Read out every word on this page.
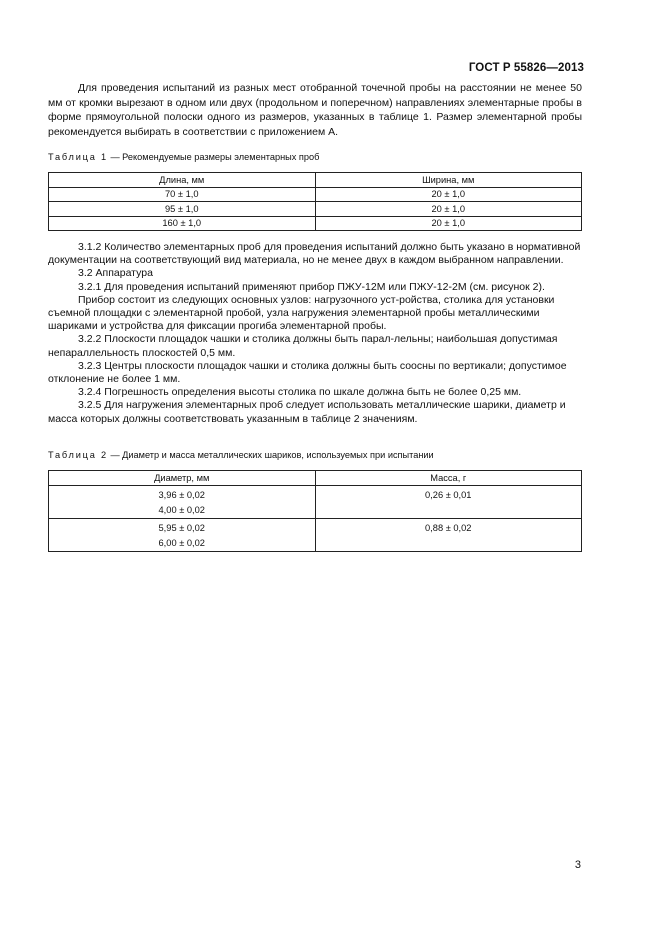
ГОСТ Р 55826—2013

Для проведения испытаний из разных мест отобранной точечной пробы на расстоянии не менее 50 мм от кромки вырезают в одном или двух (продольном и поперечном) направлениях элементарные пробы в форме прямоугольной полоски одного из размеров, указанных в таблице 1. Размер элементарной пробы рекомендуется выбирать в соответствии с приложением А.

Таблица 1 — Рекомендуемые размеры элементарных проб
Длина, мм	Ширина, мм
70 ± 1,0	20 ± 1,0
95 ± 1,0	20 ± 1,0
160 ± 1,0	20 ± 1,0

3.1.2 Количество элементарных проб для проведения испытаний должно быть указано в нормативной документации на соответствующий вид материала, но не менее двух в каждом выбранном направлении.

3.2 Аппаратура

3.2.1 Для проведения испытаний применяют прибор ПЖУ-12М или ПЖУ-12-2М (см. рисунок 2).

Прибор состоит из следующих основных узлов: нагрузочного уст-ройства, столика для установки съемной площадки с элементарной пробой, узла нагружения элементарной пробы металлическими шариками и устройства для фиксации прогиба элементарной пробы.

3.2.2 Плоскости площадок чашки и столика должны быть парал-лельны; наибольшая допустимая непараллельность плоскостей 0,5 мм.

3.2.3 Центры плоскости площадок чашки и столика должны быть соосны по вертикали; допустимое отклонение не более 1 мм.

3.2.4 Погрешность определения высоты столика по шкале должна быть не более 0,25 мм.

3.2.5 Для нагружения элементарных проб следует использовать металлические шарики, диаметр и масса которых должны соответствовать указанным в таблице 2 значениям.

Таблица 2 — Диаметр и масса металлических шариков, используемых при испытании
Диаметр, мм	Масса, г

3,96 ± 0,02
4,00 ± 0,02	0,26 ± 0,01

5,95 ± 0,02
6,00 ± 0,02	0,88 ± 0,02
3
